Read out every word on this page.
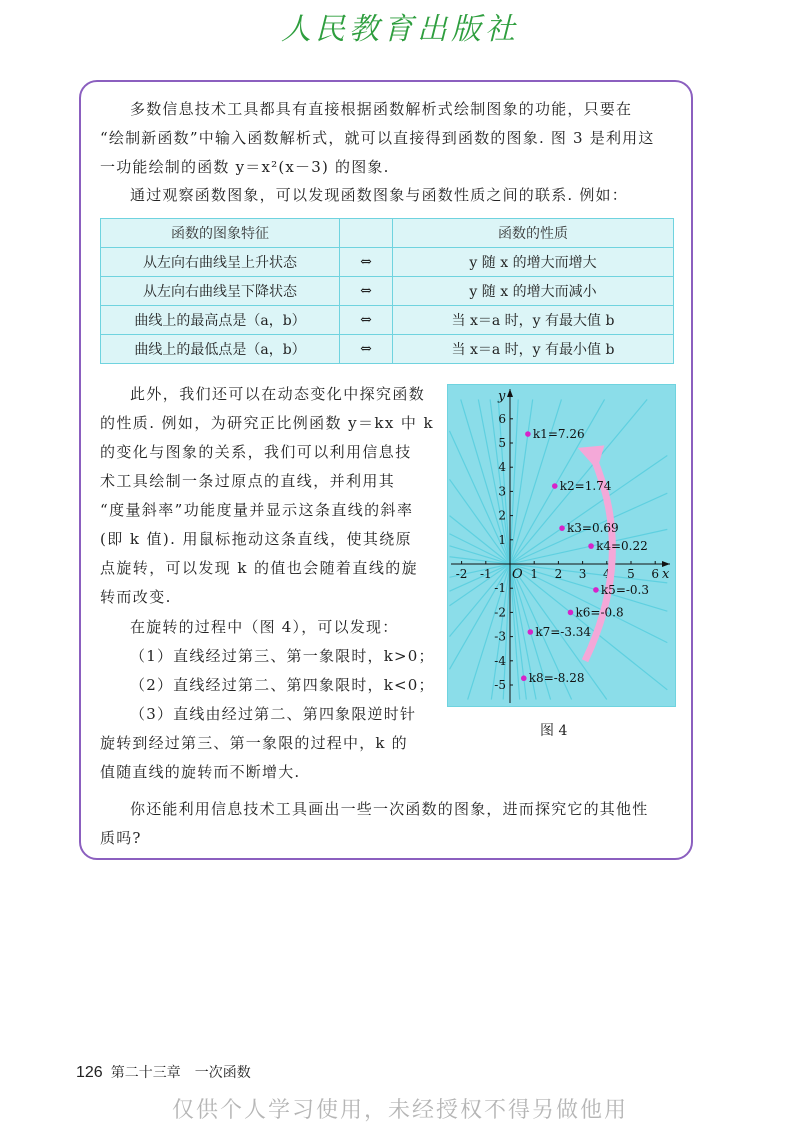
人民教育出版社

多数信息技术工具都具有直接根据函数解析式绘制图象的功能，只要在
“绘制新函数”中输入函数解析式，就可以直接得到函数的图象. 图 3 是利用这
一功能绘制的函数 y＝x²(x－3) 的图象.

通过观察函数图象，可以发现函数图象与函数性质之间的联系. 例如：

函数的图象特征		函数的性质
从左向右曲线呈上升状态	⇔	y 随 x 的增大而增大
从左向右曲线呈下降状态	⇔	y 随 x 的增大而减小
曲线上的最高点是（a，b）	⇔	当 x＝a 时，y 有最大值 b
曲线上的最低点是（a，b）	⇔	当 x＝a 时，y 有最小值 b

此外，我们还可以在动态变化中探究函数
的性质. 例如，为研究正比例函数 y＝kx 中 k
的变化与图象的关系，我们可以利用信息技
术工具绘制一条过原点的直线，并利用其
“度量斜率”功能度量并显示这条直线的斜率
(即 k 值). 用鼠标拖动这条直线，使其绕原
点旋转，可以发现 k 的值也会随着直线的旋
转而改变.

在旋转的过程中（图 4），可以发现：

（1）直线经过第三、第一象限时，k>0；

（2）直线经过第二、第四象限时，k<0；

（3）直线由经过第二、第四象限逆时针
旋转到经过第三、第一象限的过程中，k 的
值随直线的旋转而不断增大.

你还能利用信息技术工具画出一些一次函数的图象，进而探究它的其他性
质吗?

-2 -1	1 2 3 4 5 6
-5
-4
-3
-2
-1
1
2
3
4
5
6
O	x
y
k1=7.26
k2=1.74
k3=0.69
k4=0.22
k5=-0.3
k6=-0.8
k7=-3.34
k8=-8.28
图 4
126 第二十三章　一次函数
仅供个人学习使用，未经授权不得另做他用
